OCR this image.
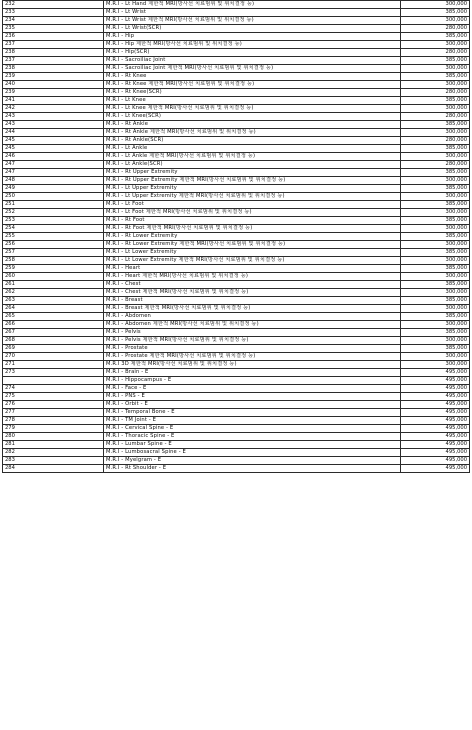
232	M.R.I - Lt Hand 제한적 MRI(방사선 치료범위 및 위치결정 등)	300,000
233	M.R.I - Lt Wrist	385,000
234	M.R.I - Lt Wrist 제한적 MRI(방사선 치료범위 및 위치결정 등)	300,000
235	M.R.I - Lt Wrist(SCR)	280,000
236	M.R.I - Hip	385,000
237	M.R.I - Hip 제한적 MRI(방사선 치료범위 및 위치결정 등)	300,000
238	M.R.I - Hip(SCR)	280,000
237	M.R.I - Sacroiliac Joint	385,000
238	M.R.I - Sacroiliac Joint 제한적 MRI(방사선 치료범위 및 위치결정 등)	300,000
239	M.R.I - Rt Knee	385,000
240	M.R.I - Rt Knee 제한적 MRI(방사선 치료범위 및 위치결정 등)	300,000
239	M.R.I - Rt Knee(SCR)	280,000
241	M.R.I - Lt Knee	385,000
242	M.R.I - Lt Knee 제한적 MRI(방사선 치료범위 및 위치결정 등)	300,000
243	M.R.I - Lt Knee(SCR)	280,000
243	M.R.I - Rt Ankle	385,000
244	M.R.I - Rt Ankle 제한적 MRI(방사선 치료범위 및 위치결정 등)	300,000
245	M.R.I - Rt Ankle(SCR)	280,000
245	M.R.I - Lt Ankle	385,000
246	M.R.I - Lt Ankle 제한적 MRI(방사선 치료범위 및 위치결정 등)	300,000
247	M.R.I - Lt Ankle(SCR)	280,000
247	M.R.I - Rt Upper Extremity	385,000
248	M.R.I - Rt Upper Extremity 제한적 MRI(방사선 치료범위 및 위치결정 등)	300,000
249	M.R.I - Lt Upper Extremity	385,000
250	M.R.I - Lt Upper Extremity 제한적 MRI(방사선 치료범위 및 위치결정 등)	300,000
251	M.R.I - Lt Foot	385,000
252	M.R.I - Lt Foot 제한적 MRI(방사선 치료범위 및 위치결정 등)	300,000
253	M.R.I - Rt Foot	385,000
254	M.R.I - Rt Foot 제한적 MRI(방사선 치료범위 및 위치결정 등)	300,000
255	M.R.I - Rt Lower Extremity	385,000
256	M.R.I - Rt Lower Extremity 제한적 MRI(방사선 치료범위 및 위치결정 등)	300,000
257	M.R.I - Lt Lower Extremity	385,000
258	M.R.I - Lt Lower Extremity 제한적 MRI(방사선 치료범위 및 위치결정 등)	300,000
259	M.R.I - Heart	385,000
260	M.R.I - Heart 제한적 MRI(방사선 치료범위 및 위치결정 등)	300,000
261	M.R.I - Chest	385,000
262	M.R.I - Chest 제한적 MRI(방사선 치료범위 및 위치결정 등)	300,000
263	M.R.I - Breast	385,000
264	M.R.I - Breast 제한적 MRI(방사선 치료범위 및 위치결정 등)	300,000
265	M.R.I - Abdomen	385,000
266	M.R.I - Abdomen 제한적 MRI(방사선 치료범위 및 위치결정 등)	300,000
267	M.R.I - Pelvis	385,000
268	M.R.I - Pelvis 제한적 MRI(방사선 치료범위 및 위치결정 등)	300,000
269	M.R.I - Prostate	385,000
270	M.R.I - Prostate 제한적 MRI(방사선 치료범위 및 위치결정 등)	300,000
271	M.R.I 3D 제한적 MRI(방사선 치료범위 및 위치결정 등)	300,000
273	M.R.I - Brain - E	495,000
	M.R.I - Hippocampus - E	495,000
274	M.R.I - Face - E	495,000
275	M.R.I - PNS - E	495,000
276	M.R.I - Orbit - E	495,000
277	M.R.I - Temporal Bone - E	495,000
278	M.R.I - TM Joint - E	495,000
279	M.R.I - Cervical Spine - E	495,000
280	M.R.I - Thoracic Spine - E	495,000
281	M.R.I - Lumbar Spine - E	495,000
282	M.R.I - Lumbosacral Spine - E	495,000
283	M.R.I - Myelgram - E	495,000
284	M.R.I - Rt Shoulder - E	495,000
